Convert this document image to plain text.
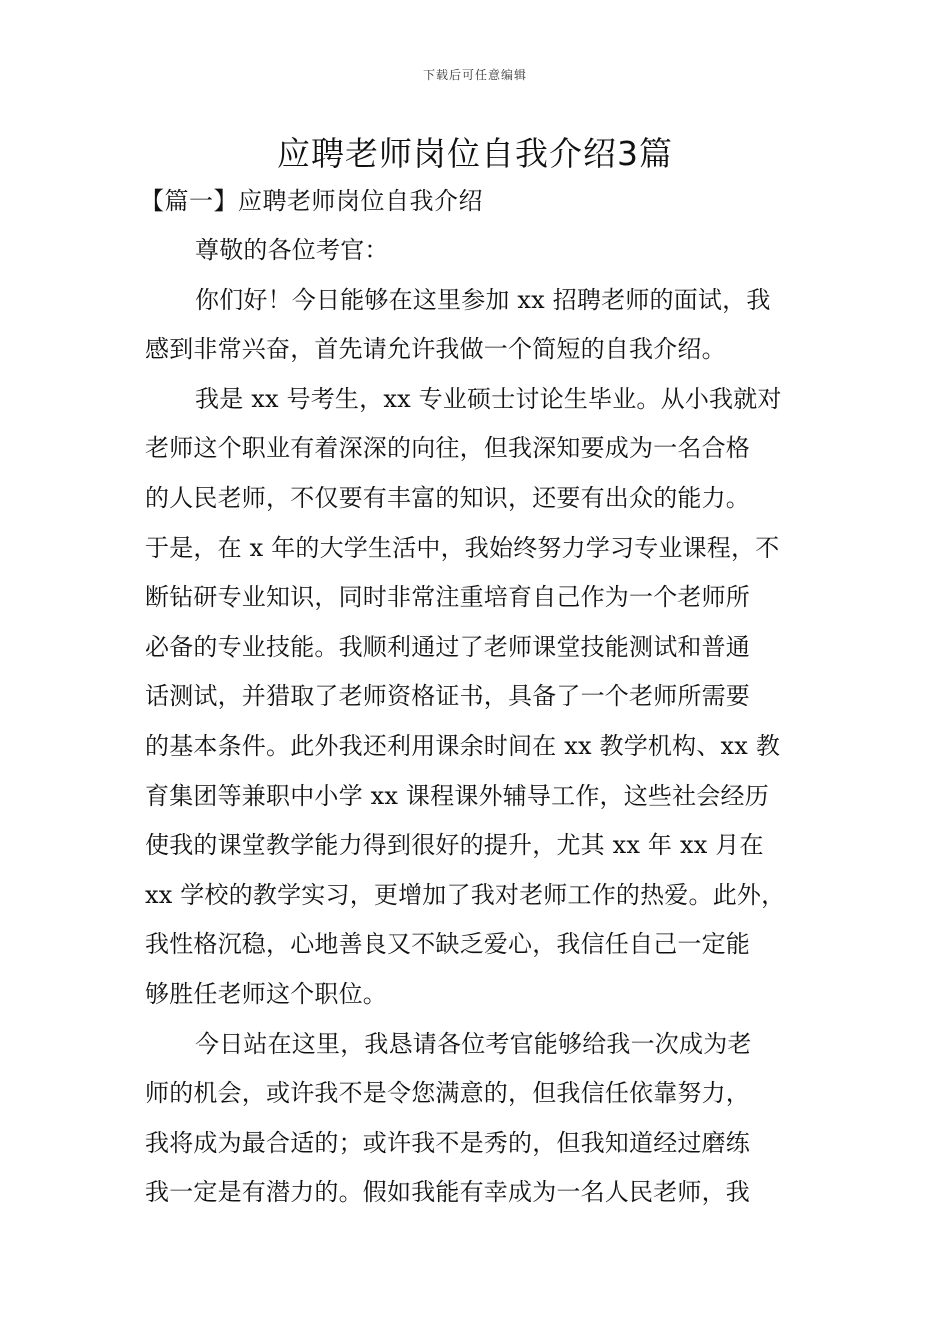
下载后可任意编辑
应聘老师岗位自我介绍3篇
【篇一】应聘老师岗位自我介绍
尊敬的各位考官：
你们好！今日能够在这里参加 xx 招聘老师的面试，我
感到非常兴奋，首先请允许我做一个简短的自我介绍。
我是 xx 号考生，xx 专业硕士讨论生毕业。从小我就对
老师这个职业有着深深的向往，但我深知要成为一名合格
的人民老师，不仅要有丰富的知识，还要有出众的能力。
于是，在 x 年的大学生活中，我始终努力学习专业课程，不
断钻研专业知识，同时非常注重培育自己作为一个老师所
必备的专业技能。我顺利通过了老师课堂技能测试和普通
话测试，并猎取了老师资格证书，具备了一个老师所需要
的基本条件。此外我还利用课余时间在 xx 教学机构、xx 教
育集团等兼职中小学 xx 课程课外辅导工作，这些社会经历
使我的课堂教学能力得到很好的提升，尤其 xx 年 xx 月在
xx 学校的教学实习，更增加了我对老师工作的热爱。此外，
我性格沉稳，心地善良又不缺乏爱心，我信任自己一定能
够胜任老师这个职位。
今日站在这里，我恳请各位考官能够给我一次成为老
师的机会，或许我不是令您满意的，但我信任依靠努力，
我将成为最合适的；或许我不是秀的，但我知道经过磨练
我一定是有潜力的。假如我能有幸成为一名人民老师，我
